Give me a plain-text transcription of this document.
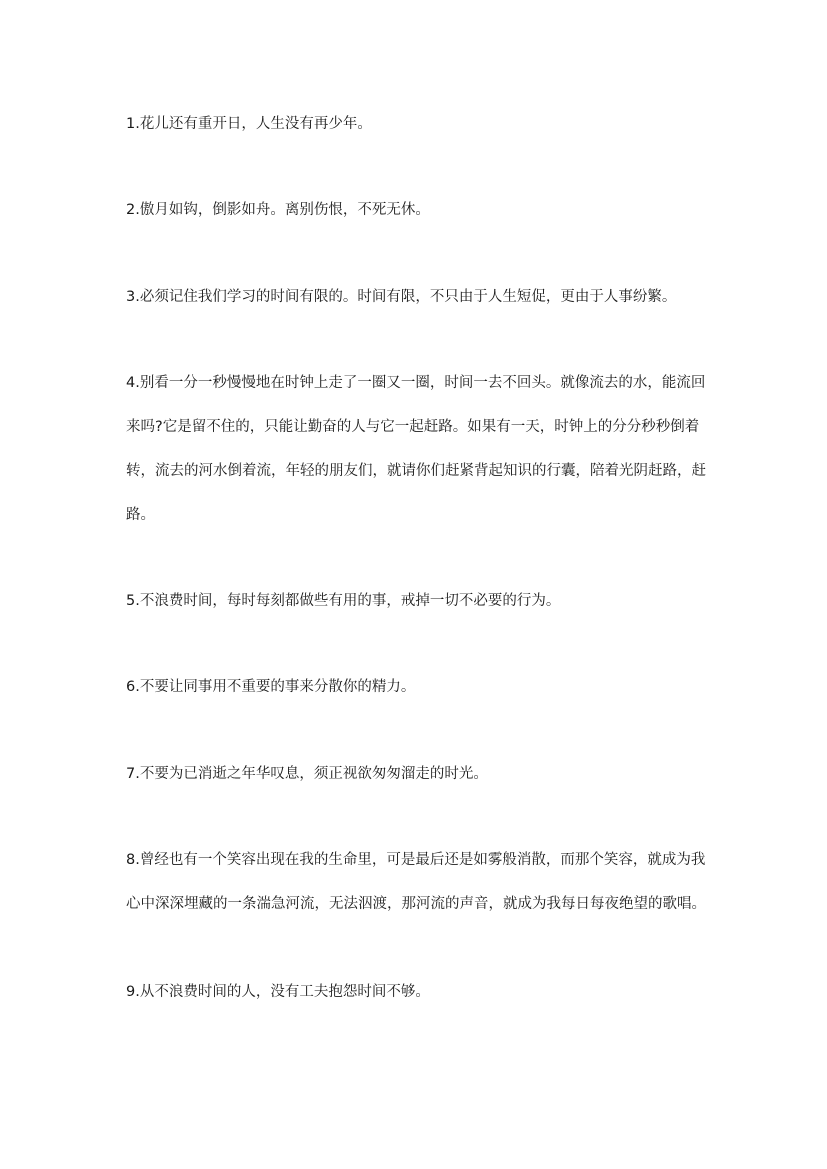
1.花儿还有重开日，人生没有再少年。

2.傲月如钩，倒影如舟。离别伤恨，不死无休。

3.必须记住我们学习的时间有限的。时间有限，不只由于人生短促，更由于人事纷繁。

4.别看一分一秒慢慢地在时钟上走了一圈又一圈，时间一去不回头。就像流去的水，能流回来吗?它是留不住的，只能让勤奋的人与它一起赶路。如果有一天，时钟上的分分秒秒倒着转，流去的河水倒着流，年轻的朋友们，就请你们赶紧背起知识的行囊，陪着光阴赶路，赶路。

5.不浪费时间，每时每刻都做些有用的事，戒掉一切不必要的行为。

6.不要让同事用不重要的事来分散你的精力。

7.不要为已消逝之年华叹息，须正视欲匆匆溜走的时光。

8.曾经也有一个笑容出现在我的生命里，可是最后还是如雾般消散，而那个笑容，就成为我心中深深埋藏的一条湍急河流，无法泅渡，那河流的声音，就成为我每日每夜绝望的歌唱。

9.从不浪费时间的人，没有工夫抱怨时间不够。
